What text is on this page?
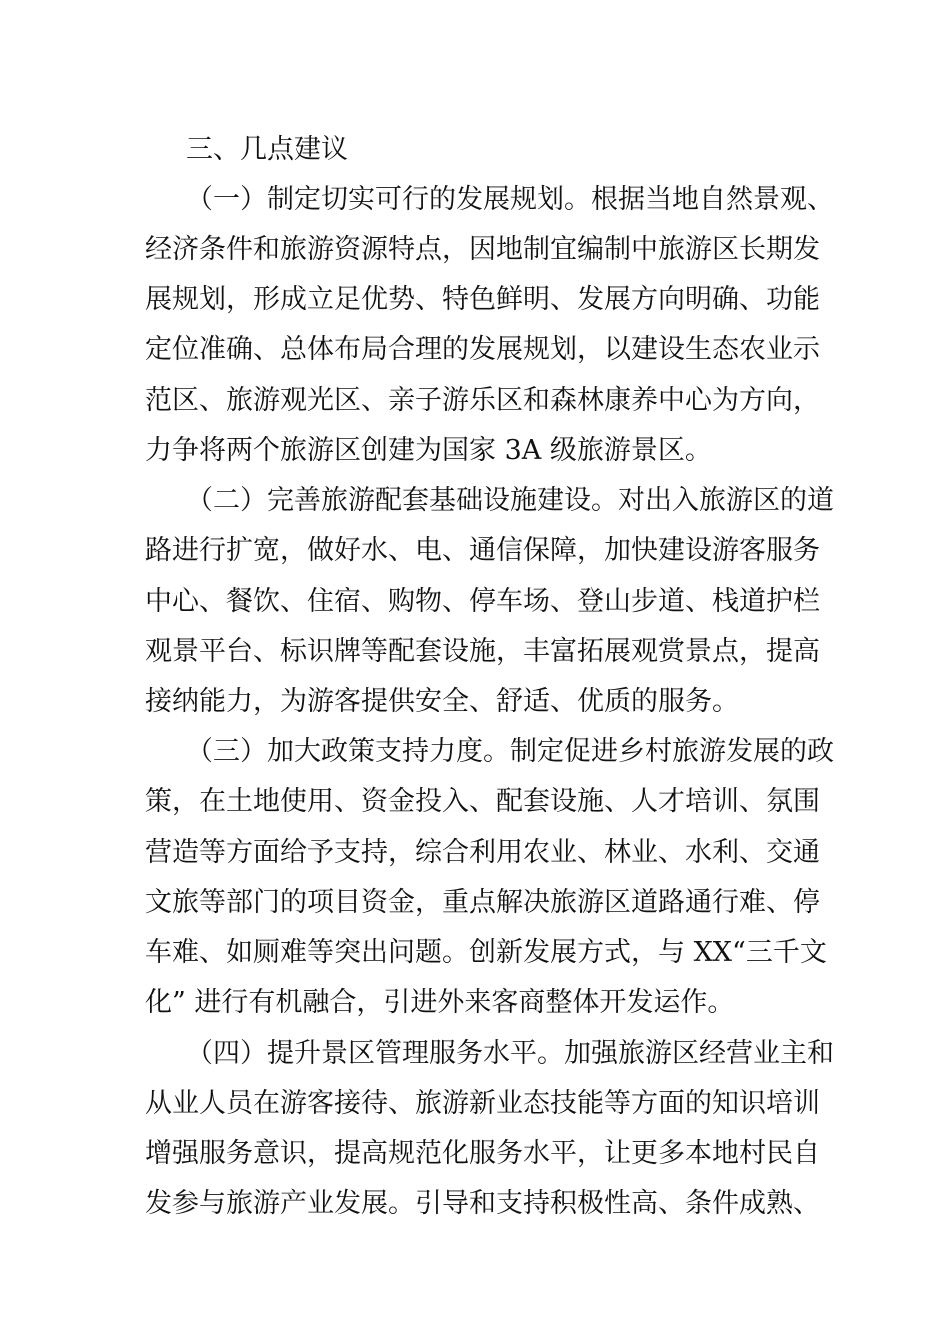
三、几点建议
（一）制定切实可行的发展规划。根据当地自然景观、
经济条件和旅游资源特点，因地制宜编制中旅游区长期发
展规划，形成立足优势、特色鲜明、发展方向明确、功能
定位准确、总体布局合理的发展规划，以建设生态农业示
范区、旅游观光区、亲子游乐区和森林康养中心为方向，
力争将两个旅游区创建为国家 3A 级旅游景区。
（二）完善旅游配套基础设施建设。对出入旅游区的道
路进行扩宽，做好水、电、通信保障，加快建设游客服务
中心、餐饮、住宿、购物、停车场、登山步道、栈道护栏
观景平台、标识牌等配套设施，丰富拓展观赏景点，提高
接纳能力，为游客提供安全、舒适、优质的服务。
（三）加大政策支持力度。制定促进乡村旅游发展的政
策，在土地使用、资金投入、配套设施、人才培训、氛围
营造等方面给予支持，综合利用农业、林业、水利、交通
文旅等部门的项目资金，重点解决旅游区道路通行难、停
车难、如厕难等突出问题。创新发展方式，与 XX“三千文
化” 进行有机融合，引进外来客商整体开发运作。
（四）提升景区管理服务水平。加强旅游区经营业主和
从业人员在游客接待、旅游新业态技能等方面的知识培训
增强服务意识，提高规范化服务水平，让更多本地村民自
发参与旅游产业发展。引导和支持积极性高、条件成熟、
